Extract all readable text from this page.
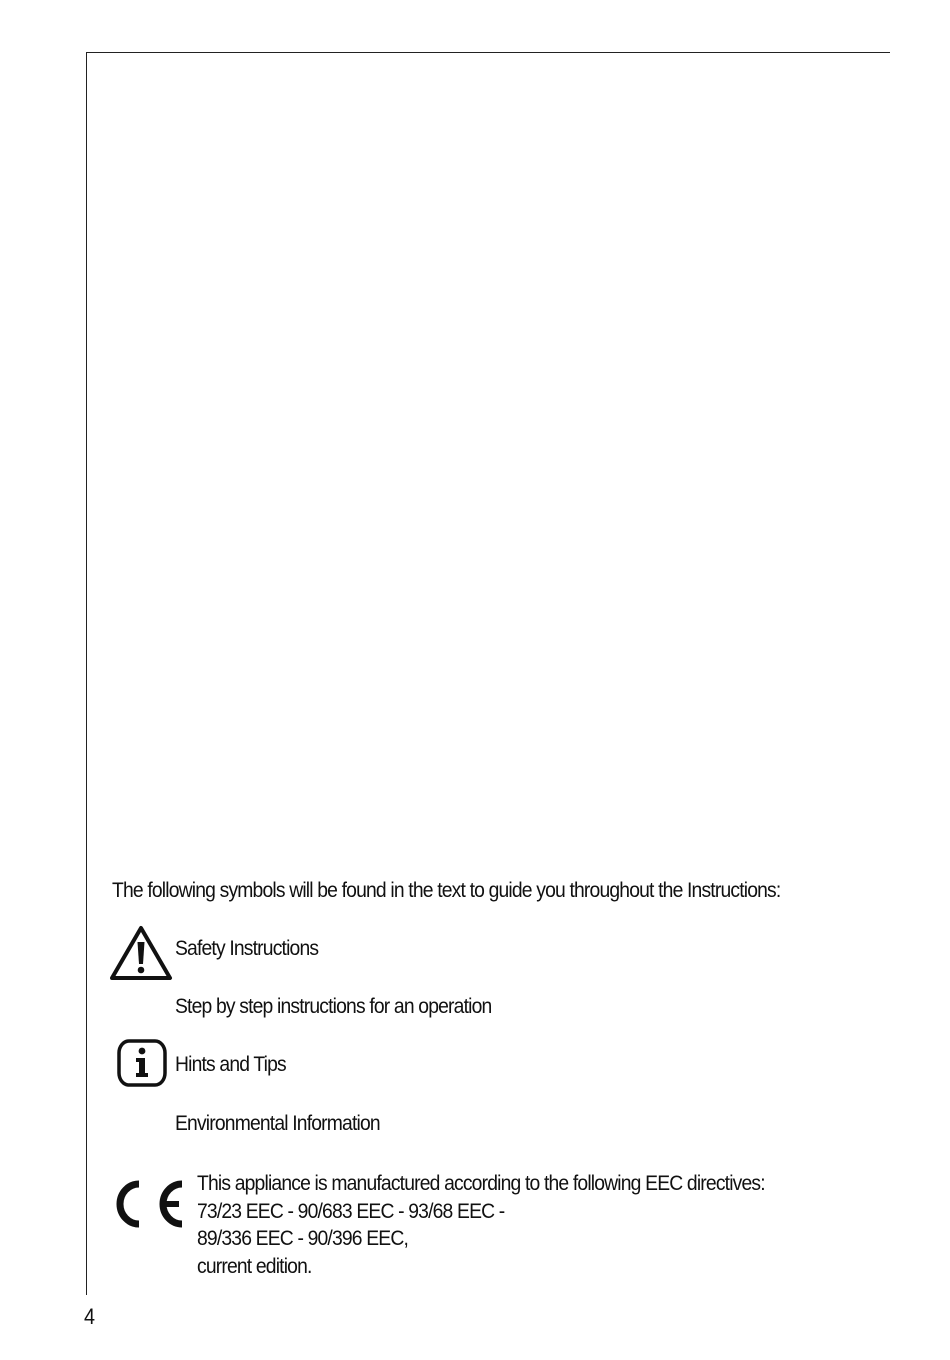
The following symbols will be found in the text to guide you throughout the Instructions:
Safety Instructions
Step by step instructions for an operation
Hints and Tips
Environmental Information
This appliance is manufactured according to the following EEC directives:
73/23 EEC - 90/683 EEC - 93/68 EEC -
89/336 EEC - 90/396 EEC,
current edition.
4
